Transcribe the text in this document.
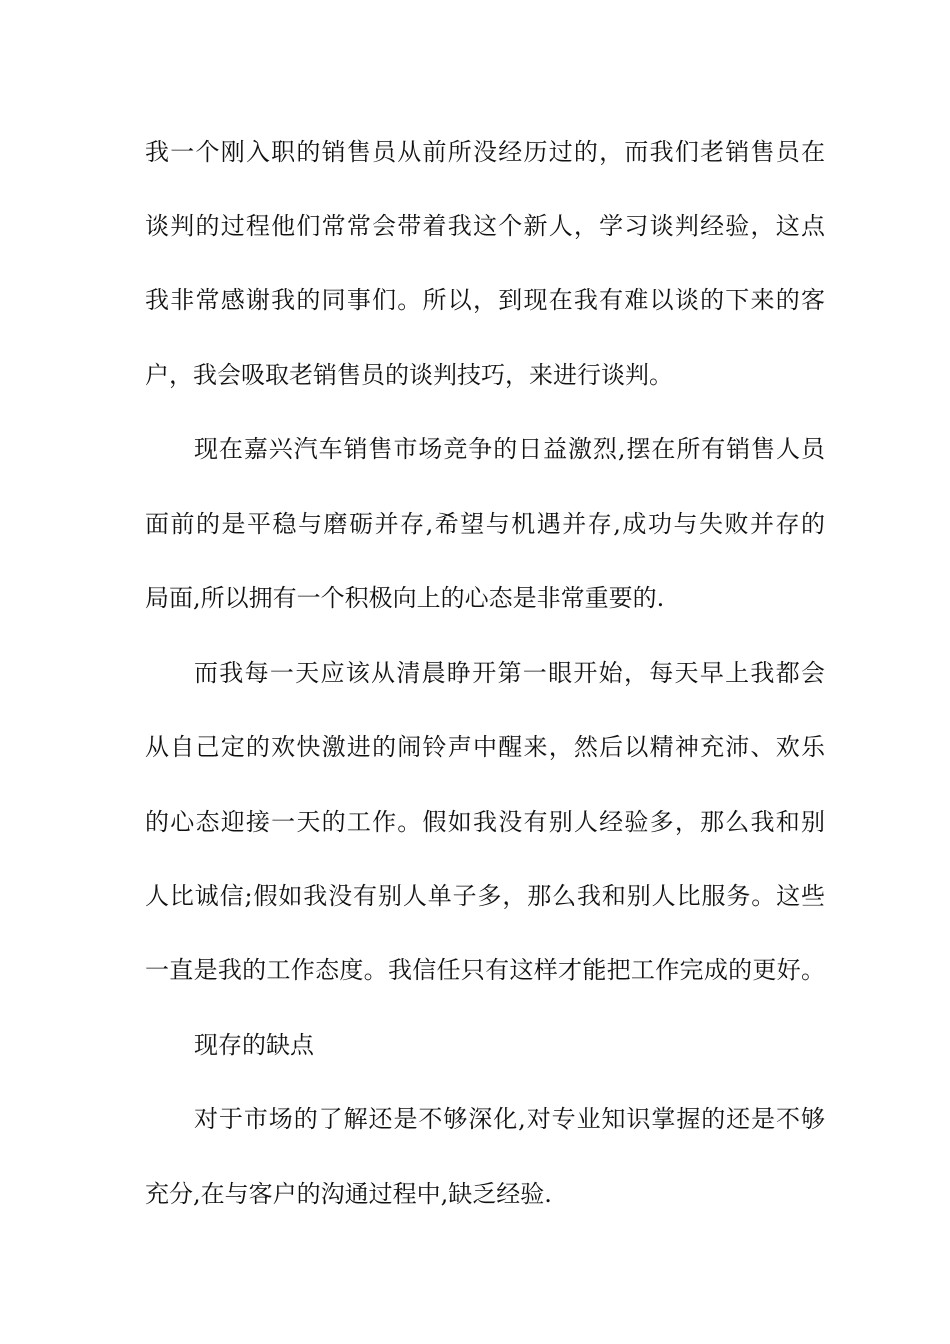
我一个刚入职的销售员从前所没经历过的，而我们老销售员在
谈判的过程他们常常会带着我这个新人，学习谈判经验，这点
我非常感谢我的同事们。所以，到现在我有难以谈的下来的客
户，我会吸取老销售员的谈判技巧，来进行谈判。
现在嘉兴汽车销售市场竞争的日益激烈,摆在所有销售人员
面前的是平稳与磨砺并存,希望与机遇并存,成功与失败并存的
局面,所以拥有一个积极向上的心态是非常重要的.
而我每一天应该从清晨睁开第一眼开始，每天早上我都会
从自己定的欢快激进的闹铃声中醒来，然后以精神充沛、欢乐
的心态迎接一天的工作。假如我没有别人经验多，那么我和别
人比诚信;假如我没有别人单子多，那么我和别人比服务。这些
一直是我的工作态度。我信任只有这样才能把工作完成的更好。
现存的缺点
对于市场的了解还是不够深化,对专业知识掌握的还是不够
充分,在与客户的沟通过程中,缺乏经验.
